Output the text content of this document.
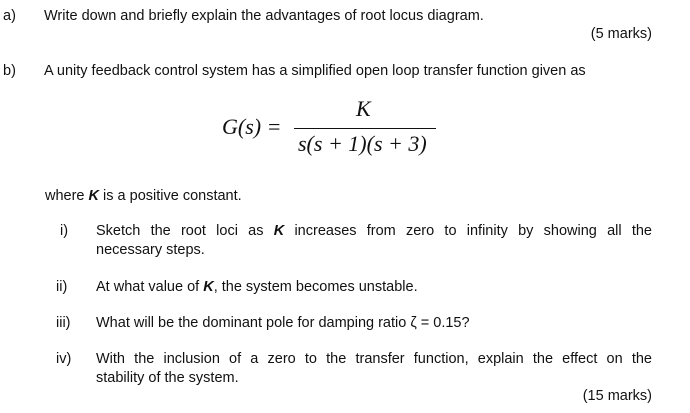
a) Write down and briefly explain the advantages of root locus diagram.
(5 marks)
b) A unity feedback control system has a simplified open loop transfer function given as
G(s) =
K
s(s + 1)(s + 3)
where K is a positive constant.
i) Sketch the root loci as K increases from zero to infinity by showing all the
necessary steps.
ii) At what value of K, the system becomes unstable.
iii) What will be the dominant pole for damping ratio ζ = 0.15?
iv) With the inclusion of a zero to the transfer function, explain the effect on the
stability of the system.
(15 marks)
